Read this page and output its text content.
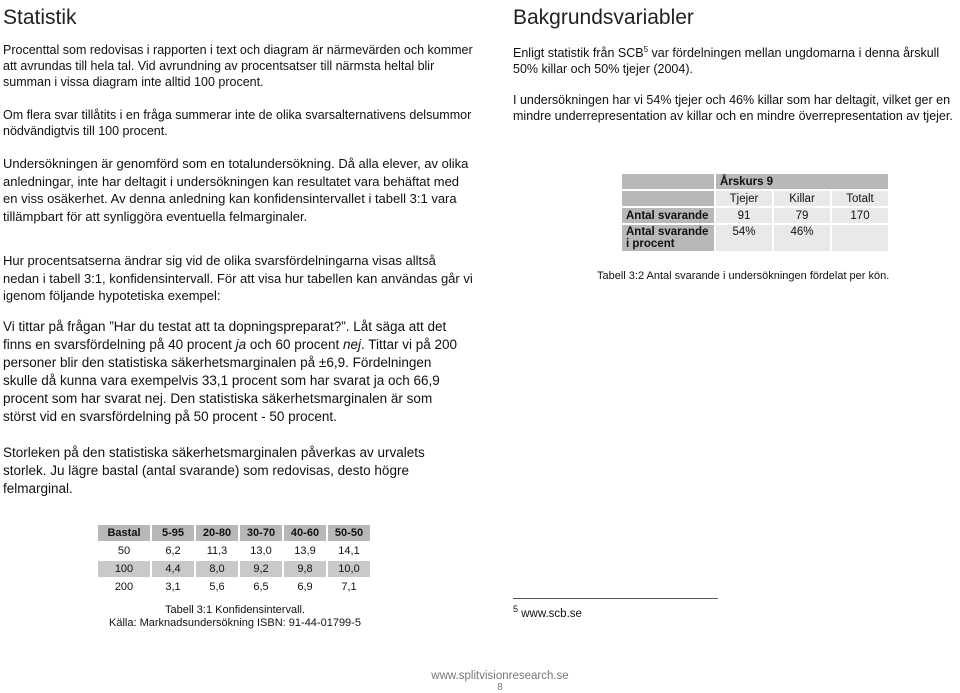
Statistik

Procenttal som redovisas i rapporten i text och diagram är närmevärden och kommer att avrundas till hela tal. Vid avrundning av procentsatser till närmsta heltal blir summan i vissa diagram inte alltid 100 procent.

Om flera svar tillåtits i en fråga summerar inte de olika svarsalternativens delsummor nödvändigtvis till 100 procent.

Undersökningen är genomförd som en totalundersökning. Då alla elever, av olika anledningar, inte har deltagit i undersökningen kan resultatet vara behäftat med en viss osäkerhet. Av denna anledning kan konfidensintervallet i tabell 3:1 vara tillämpbart för att synliggöra eventuella felmarginaler.

Hur procentsatserna ändrar sig vid de olika svarsfördelningarna visas alltså nedan i tabell 3:1, konfidensintervall. För att visa hur tabellen kan användas går vi igenom följande hypotetiska exempel:

Vi tittar på frågan ”Har du testat att ta dopningspreparat?”. Låt säga att det finns en svarsfördelning på 40 procent ja och 60 procent nej. Tittar vi på 200 personer blir den statistiska säkerhetsmarginalen på ±6,9. Fördelningen skulle då kunna vara exempelvis 33,1 procent som har svarat ja och 66,9 procent som har svarat nej. Den statistiska säkerhetsmarginalen är som störst vid en svarsfördelning på 50 procent - 50 procent.

Storleken på den statistiska säkerhetsmarginalen påverkas av urvalets storlek. Ju lägre bastal (antal svarande) som redovisas, desto högre felmarginal.

Bastal	5-95	20-80	30-70	40-60	50-50
50	6,2	11,3	13,0	13,9	14,1
100	4,4	8,0	9,2	9,8	10,0
200	3,1	5,6	6,5	6,9	7,1
Tabell 3:1 Konfidensintervall.
Källa: Marknadsundersökning ISBN: 91-44-01799-5
Bakgrundsvariabler

Enligt statistik från SCB$^5$ var fördelningen mellan ungdomarna i denna årskull 50% killar och 50% tjejer (2004).

I undersökningen har vi 54% tjejer och 46% killar som har deltagit, vilket ger en mindre underrepresentation av killar och en mindre överrepresentation av tjejer.

	Årskurs 9		
	Tjejer	Killar	Totalt
Antal svarande	91	79	170
Antal svarande i procent	54%	46%	
Tabell 3:2 Antal svarande i undersökningen fördelat per kön.
$^5$ www.scb.se
www.splitvisionresearch.se
8
